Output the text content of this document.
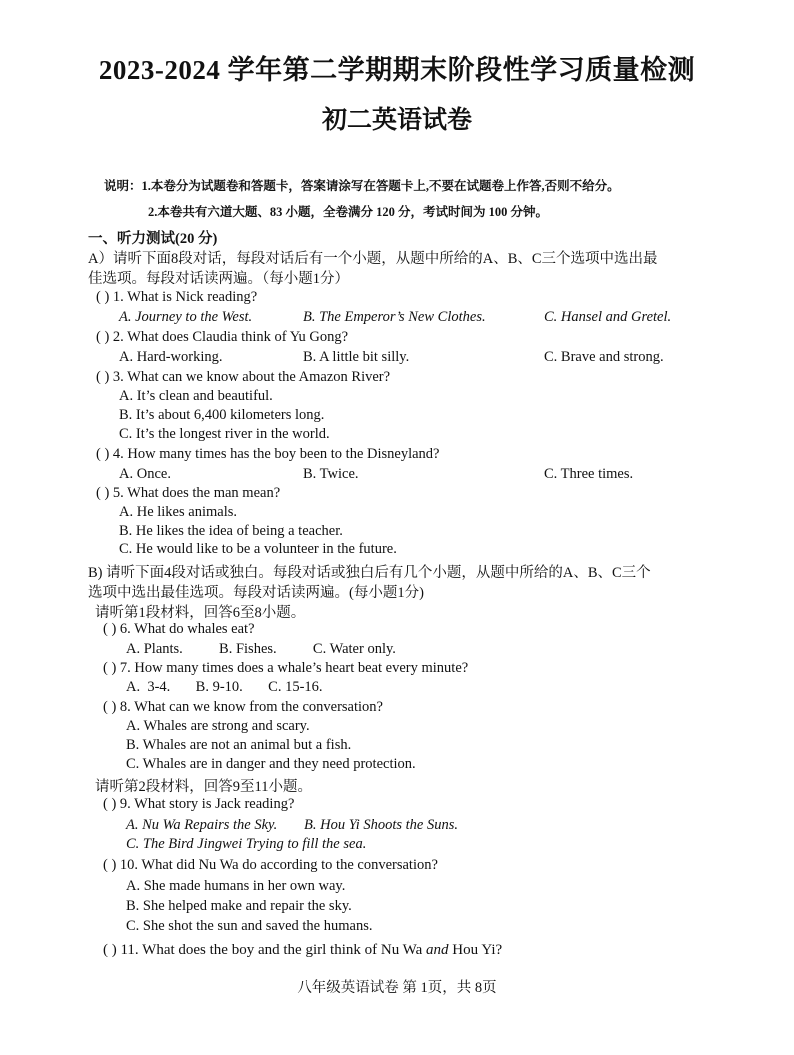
2023-2024 学年第二学期期末阶段性学习质量检测
初二英语试卷
说明：1.本卷分为试题卷和答题卡，答案请涂写在答题卡上,不要在试题卷上作答,否则不给分。
2.本卷共有六道大题、83 小题，全卷满分 120 分，考试时间为 100 分钟。
一、听力测试(20 分)
A）请听下面8段对话，每段对话后有一个小题，从题中所给的A、B、C三个选项中选出最
佳选项。每段对话读两遍。（每小题1分）
( ) 1. What is Nick reading?
A. Journey to the West.	B. The Emperor’s New Clothes.	C. Hansel and Gretel.
( ) 2. What does Claudia think of Yu Gong?
A. Hard-working.	B. A little bit silly.	C. Brave and strong.
( ) 3. What can we know about the Amazon River?
A. It’s clean and beautiful.
B. It’s about 6,400 kilometers long.
C. It’s the longest river in the world.
( ) 4. How many times has the boy been to the Disneyland?
A. Once.	B. Twice.	C. Three times.
( ) 5. What does the man mean?
A. He likes animals.
B. He likes the idea of being a teacher.
C. He would like to be a volunteer in the future.
B) 请听下面4段对话或独白。每段对话或独白后有几个小题，从题中所给的A、B、C三个
选项中选出最佳选项。每段对话读两遍。(每小题1分)
请听第1段材料，回答6至8小题。
( ) 6. What do whales eat?
A. Plants.          B. Fishes.          C. Water only.
( ) 7. How many times does a whale’s heart beat every minute?
A.  3-4.       B. 9-10.       C. 15-16.
( ) 8. What can we know from the conversation?
A. Whales are strong and scary.
B. Whales are not an animal but a fish.
C. Whales are in danger and they need protection.
请听第2段材料，回答9至11小题。
( ) 9. What story is Jack reading?
A. Nu Wa Repairs the Sky. B. Hou Yi Shoots the Suns.
C. The Bird Jingwei Trying to fill the sea.
( ) 10. What did Nu Wa do according to the conversation?
A. She made humans in her own way.
B. She helped make and repair the sky.
C. She shot the sun and saved the humans.
( ) 11. What does the boy and the girl think of Nu Wa and Hou Yi?
八年级英语试卷 第 1页，共 8页
